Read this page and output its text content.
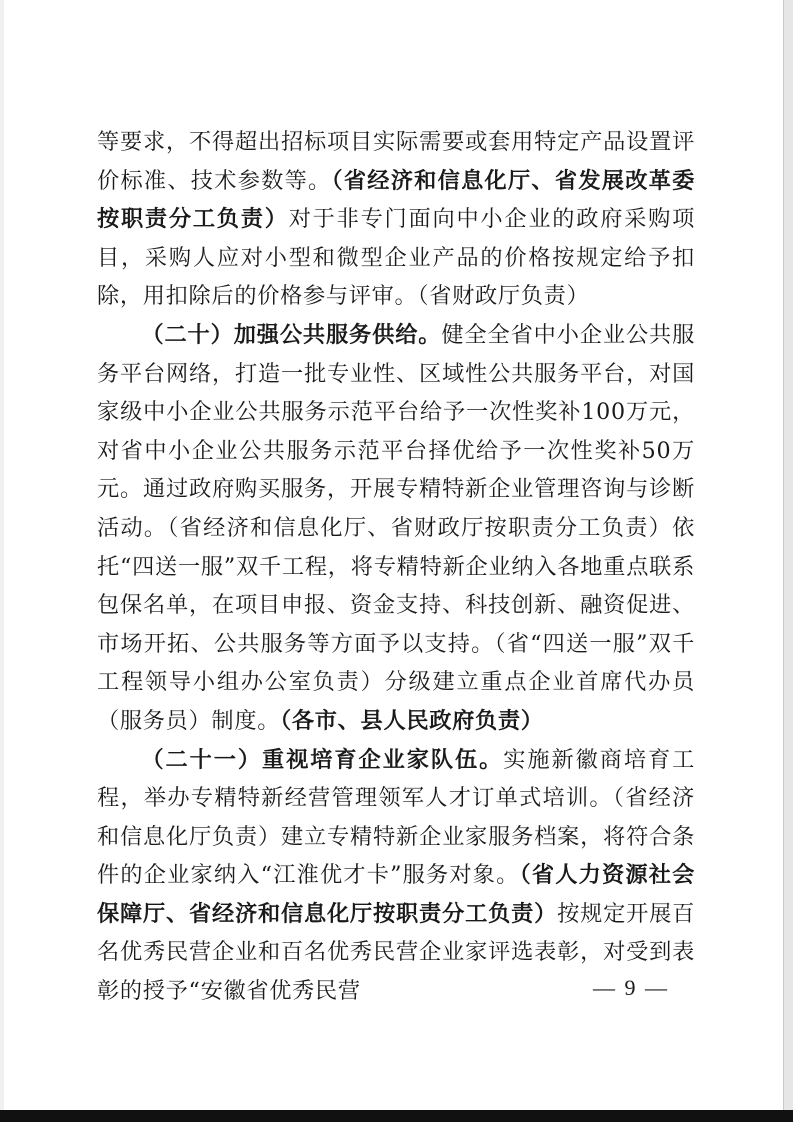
等要求，不得超出招标项目实际需要或套用特定产品设置评价标准、技术参数等。（省经济和信息化厅、省发展改革委按职责分工负责）对于非专门面向中小企业的政府采购项目，采购人应对小型和微型企业产品的价格按规定给予扣除，用扣除后的价格参与评审。（省财政厅负责）

（二十）加强公共服务供给。健全全省中小企业公共服务平台网络，打造一批专业性、区域性公共服务平台，对国家级中小企业公共服务示范平台给予一次性奖补100万元，对省中小企业公共服务示范平台择优给予一次性奖补50万元。通过政府购买服务，开展专精特新企业管理咨询与诊断活动。（省经济和信息化厅、省财政厅按职责分工负责）依托“四送一服”双千工程，将专精特新企业纳入各地重点联系包保名单，在项目申报、资金支持、科技创新、融资促进、市场开拓、公共服务等方面予以支持。（省“四送一服”双千工程领导小组办公室负责）分级建立重点企业首席代办员（服务员）制度。（各市、县人民政府负责）

（二十一）重视培育企业家队伍。实施新徽商培育工程，举办专精特新经营管理领军人才订单式培训。（省经济和信息化厅负责）建立专精特新企业家服务档案，将符合条件的企业家纳入“江淮优才卡”服务对象。（省人力资源社会保障厅、省经济和信息化厅按职责分工负责）按规定开展百名优秀民营企业和百名优秀民营企业家评选表彰，对受到表彰的授予“安徽省优秀民营	— 9 —
